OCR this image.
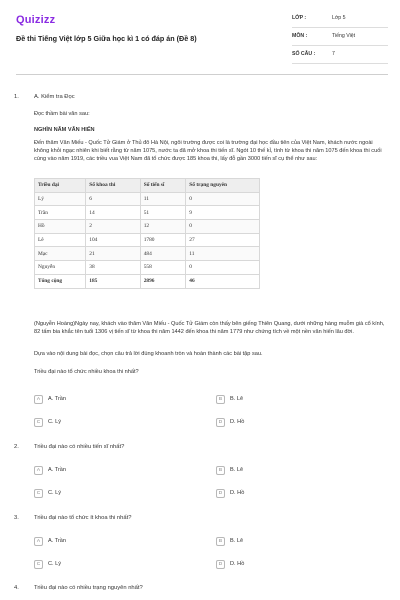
Quizizz
Đề thi Tiếng Việt lớp 5 Giữa học kì 1 có đáp án (Đề 8)
LỚP :	Lớp 5
MÔN :	Tiếng Việt
SỐ CÂU :	7
1.	A. Kiểm tra Đọc
Đọc thầm bài văn sau:
NGHÌN NĂM VĂN HIẾN
Đến thăm Văn Miếu - Quốc Tử Giám ở Thủ đô Hà Nội, ngôi trường được coi là trường đại học đầu tiên của Việt Nam, khách nước ngoài không khỏi ngạc nhiên khi biết rằng từ năm 1075, nước ta đã mở khoa thi tiến sĩ. Ngót 10 thế kỉ, tính từ khoa thi năm 1075 đến khoa thi cuối cùng vào năm 1919, các triều vua Việt Nam đã tổ chức được 185 khoa thi, lấy đỗ gần 3000 tiến sĩ cụ thể như sau:
Triều đại	Số khoa thi	Số tiến sĩ	Số trạng nguyên
Lý	6	11	0
Trần	14	51	9
Hồ	2	12	0
Lê	104	1780	27
Mạc	21	484	11
Nguyễn	38	558	0
Tổng cộng	185	2896	46
(Nguyễn Hoàng)Ngày nay, khách vào thăm Văn Miếu - Quốc Tử Giám còn thấy bên giếng Thiên Quang, dưới những hàng muỗm già cổ kính, 82 tấm bia khắc tên tuổi 1306 vị tiến sĩ từ khoa thi năm 1442 đến khoa thi năm 1779 như chứng tích về một nền văn hiến lâu đời.
Dựa vào nội dung bài đọc, chọn câu trả lời đúng khoanh tròn và hoàn thành các bài tập sau.
Triều đại nào tổ chức nhiều khoa thi nhất?
A	A. Trần	B	B. Lê
C	C. Lý	D	D. Hồ
2.	Triều đại nào có nhiều tiến sĩ nhất?
A	A. Trần	B	B. Lê
C	C. Lý	D	D. Hồ
3.	Triều đại nào tổ chức ít khoa thi nhất?
A	A. Trần	B	B. Lê
C	C. Lý	D	D. Hồ
4.	Triều đại nào có nhiều trạng nguyên nhất?
